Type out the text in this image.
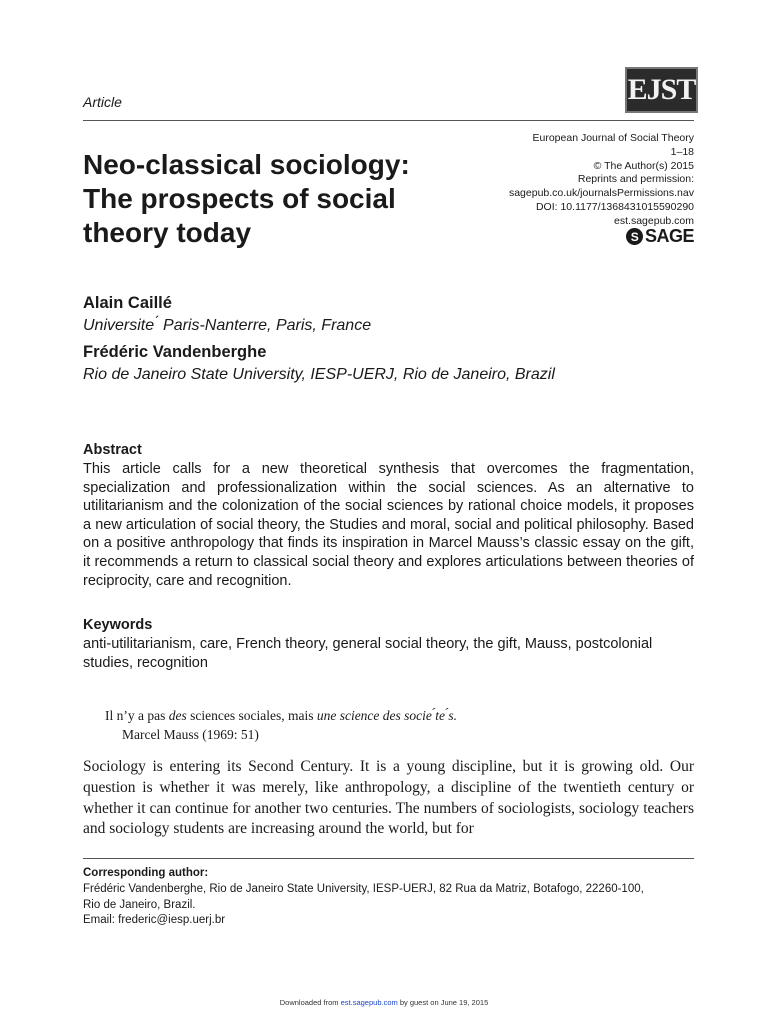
Article	EJST
European Journal of Social Theory
1–18
© The Author(s) 2015
Reprints and permission:
sagepub.co.uk/journalsPermissions.nav
DOI: 10.1177/1368431015590290
est.sagepub.com
S SAGE
Neo-classical sociology:
The prospects of social
theory today
Alain Caillé
Universite ́ Paris-Nanterre, Paris, France
Frédéric Vandenberghe
Rio de Janeiro State University, IESP-UERJ, Rio de Janeiro, Brazil
Abstract
This article calls for a new theoretical synthesis that overcomes the fragmentation, specialization and professionalization within the social sciences. As an alternative to utilitarianism and the colonization of the social sciences by rational choice models, it proposes a new articulation of social theory, the Studies and moral, social and political philosophy. Based on a positive anthropology that finds its inspiration in Marcel Mauss’s classic essay on the gift, it recommends a return to classical social theory and explores articulations between theories of reciprocity, care and recognition.
Keywords
anti-utilitarianism, care, French theory, general social theory, the gift, Mauss, postcolonial studies, recognition
Il n’y a pas des sciences sociales, mais une science des socie ́te ́s.
Marcel Mauss (1969: 51)
Sociology is entering its Second Century. It is a young discipline, but it is growing old. Our question is whether it was merely, like anthropology, a discipline of the twentieth century or whether it can continue for another two centuries. The numbers of sociologists, sociology teachers and sociology students are increasing around the world, but for
Corresponding author:
Frédéric Vandenberghe, Rio de Janeiro State University, IESP-UERJ, 82 Rua da Matriz, Botafogo, 22260-100,
Rio de Janeiro, Brazil.
Email: frederic@iesp.uerj.br
Downloaded from est.sagepub.com by guest on June 19, 2015
